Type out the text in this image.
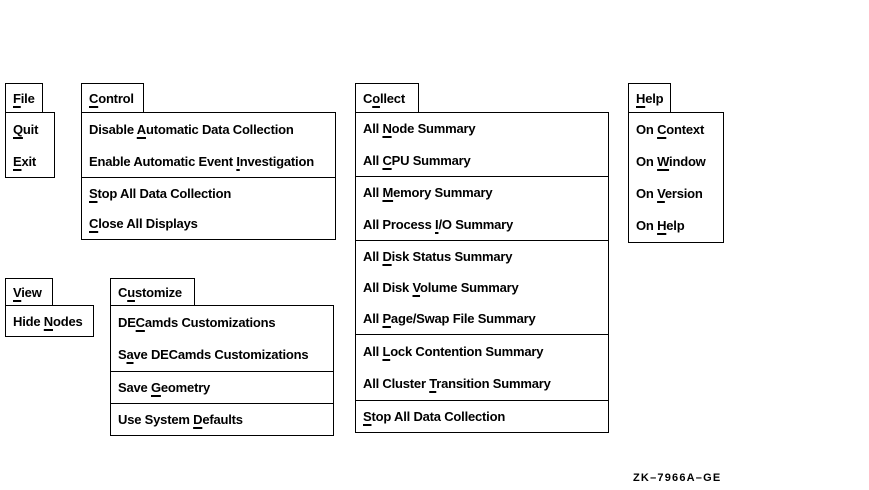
File
Quit
Exit
Control
Disable Automatic Data Collection
Enable Automatic Event Investigation
Stop All Data Collection
Close All Displays
Collect
All Node Summary
All CPU Summary
All Memory Summary
All Process I/O Summary
All Disk Status Summary
All Disk Volume Summary
All Page/Swap File Summary
All Lock Contention Summary
All Cluster Transition Summary
Stop All Data Collection
Help
On Context
On Window
On Version
On Help
View
Hide Nodes
Customize
DECamds Customizations
Save DECamds Customizations
Save Geometry
Use System Defaults
ZK–7966A–GE
